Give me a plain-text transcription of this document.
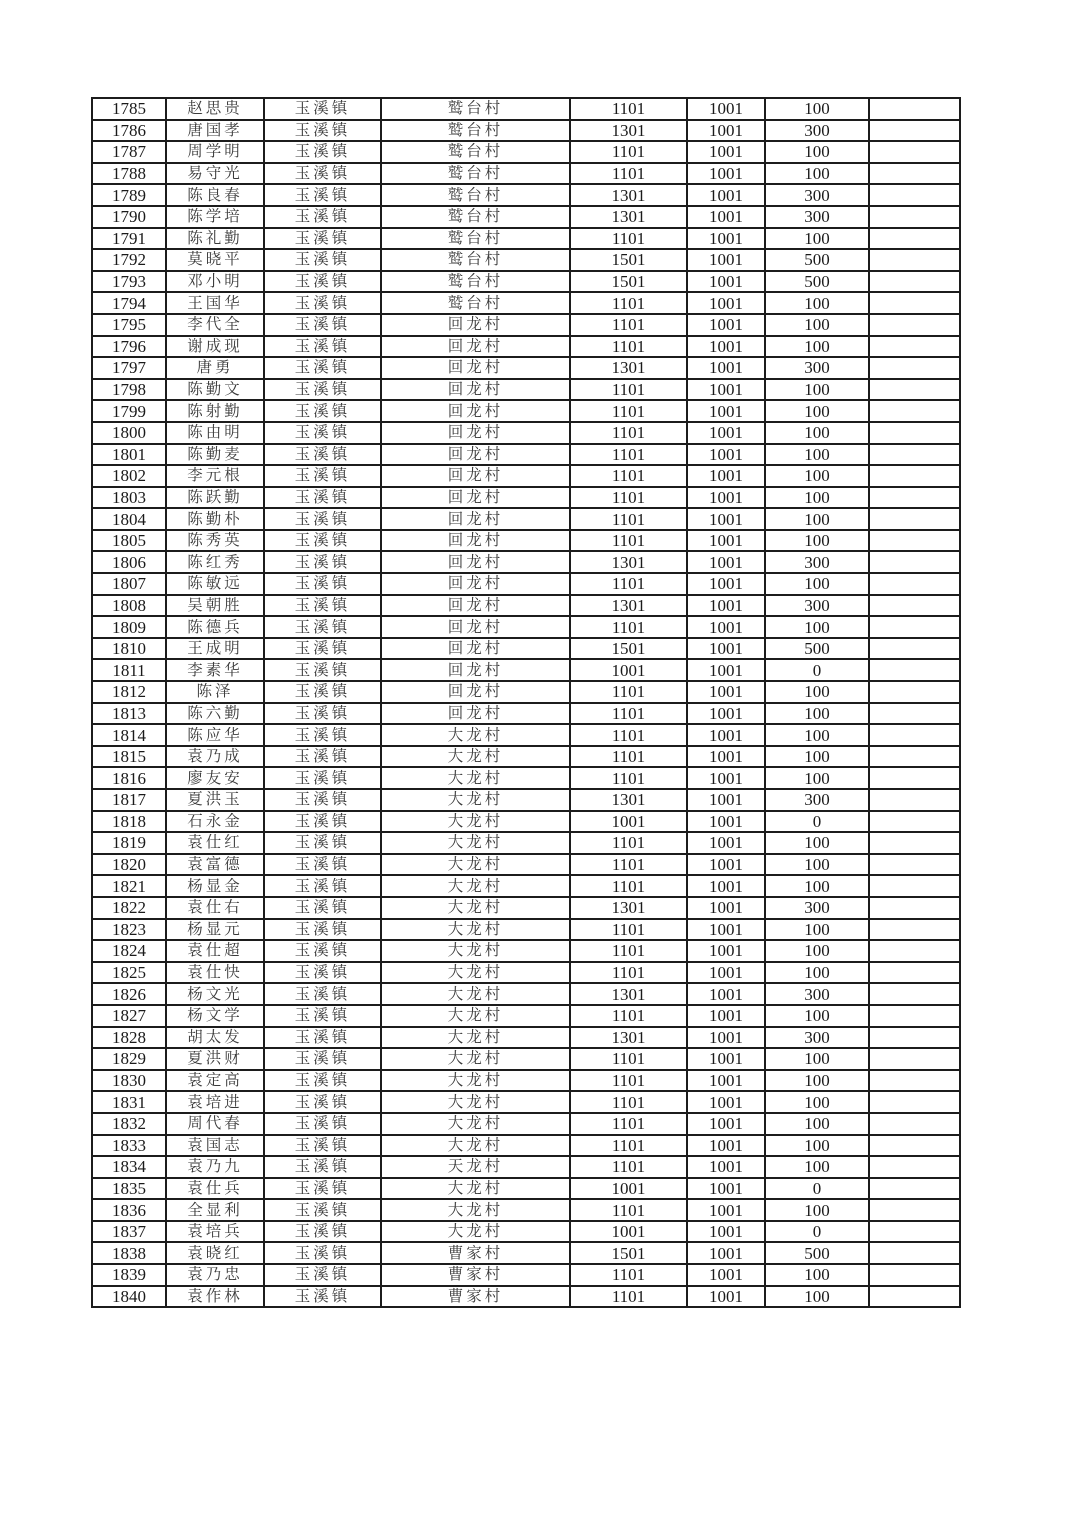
1785	赵思贵	玉溪镇	鹫台村	1101	1001	100	
1786	唐国孝	玉溪镇	鹫台村	1301	1001	300	
1787	周学明	玉溪镇	鹫台村	1101	1001	100	
1788	易守光	玉溪镇	鹫台村	1101	1001	100	
1789	陈良春	玉溪镇	鹫台村	1301	1001	300	
1790	陈学培	玉溪镇	鹫台村	1301	1001	300	
1791	陈礼勤	玉溪镇	鹫台村	1101	1001	100	
1792	莫晓平	玉溪镇	鹫台村	1501	1001	500	
1793	邓小明	玉溪镇	鹫台村	1501	1001	500	
1794	王国华	玉溪镇	鹫台村	1101	1001	100	
1795	李代全	玉溪镇	回龙村	1101	1001	100	
1796	谢成现	玉溪镇	回龙村	1101	1001	100	
1797	唐勇	玉溪镇	回龙村	1301	1001	300	
1798	陈勤文	玉溪镇	回龙村	1101	1001	100	
1799	陈射勤	玉溪镇	回龙村	1101	1001	100	
1800	陈由明	玉溪镇	回龙村	1101	1001	100	
1801	陈勤麦	玉溪镇	回龙村	1101	1001	100	
1802	李元根	玉溪镇	回龙村	1101	1001	100	
1803	陈跃勤	玉溪镇	回龙村	1101	1001	100	
1804	陈勤朴	玉溪镇	回龙村	1101	1001	100	
1805	陈秀英	玉溪镇	回龙村	1101	1001	100	
1806	陈红秀	玉溪镇	回龙村	1301	1001	300	
1807	陈敏远	玉溪镇	回龙村	1101	1001	100	
1808	吴朝胜	玉溪镇	回龙村	1301	1001	300	
1809	陈德兵	玉溪镇	回龙村	1101	1001	100	
1810	王成明	玉溪镇	回龙村	1501	1001	500	
1811	李素华	玉溪镇	回龙村	1001	1001	0	
1812	陈泽	玉溪镇	回龙村	1101	1001	100	
1813	陈六勤	玉溪镇	回龙村	1101	1001	100	
1814	陈应华	玉溪镇	大龙村	1101	1001	100	
1815	袁乃成	玉溪镇	大龙村	1101	1001	100	
1816	廖友安	玉溪镇	大龙村	1101	1001	100	
1817	夏洪玉	玉溪镇	大龙村	1301	1001	300	
1818	石永金	玉溪镇	大龙村	1001	1001	0	
1819	袁仕红	玉溪镇	大龙村	1101	1001	100	
1820	袁富德	玉溪镇	大龙村	1101	1001	100	
1821	杨显金	玉溪镇	大龙村	1101	1001	100	
1822	袁仕右	玉溪镇	大龙村	1301	1001	300	
1823	杨显元	玉溪镇	大龙村	1101	1001	100	
1824	袁仕超	玉溪镇	大龙村	1101	1001	100	
1825	袁仕快	玉溪镇	大龙村	1101	1001	100	
1826	杨文光	玉溪镇	大龙村	1301	1001	300	
1827	杨文学	玉溪镇	大龙村	1101	1001	100	
1828	胡太发	玉溪镇	大龙村	1301	1001	300	
1829	夏洪财	玉溪镇	大龙村	1101	1001	100	
1830	袁定高	玉溪镇	大龙村	1101	1001	100	
1831	袁培进	玉溪镇	大龙村	1101	1001	100	
1832	周代春	玉溪镇	大龙村	1101	1001	100	
1833	袁国志	玉溪镇	大龙村	1101	1001	100	
1834	袁乃九	玉溪镇	天龙村	1101	1001	100	
1835	袁仕兵	玉溪镇	大龙村	1001	1001	0	
1836	全显利	玉溪镇	大龙村	1101	1001	100	
1837	袁培兵	玉溪镇	大龙村	1001	1001	0	
1838	袁晓红	玉溪镇	曹家村	1501	1001	500	
1839	袁乃忠	玉溪镇	曹家村	1101	1001	100	
1840	袁作林	玉溪镇	曹家村	1101	1001	100	
